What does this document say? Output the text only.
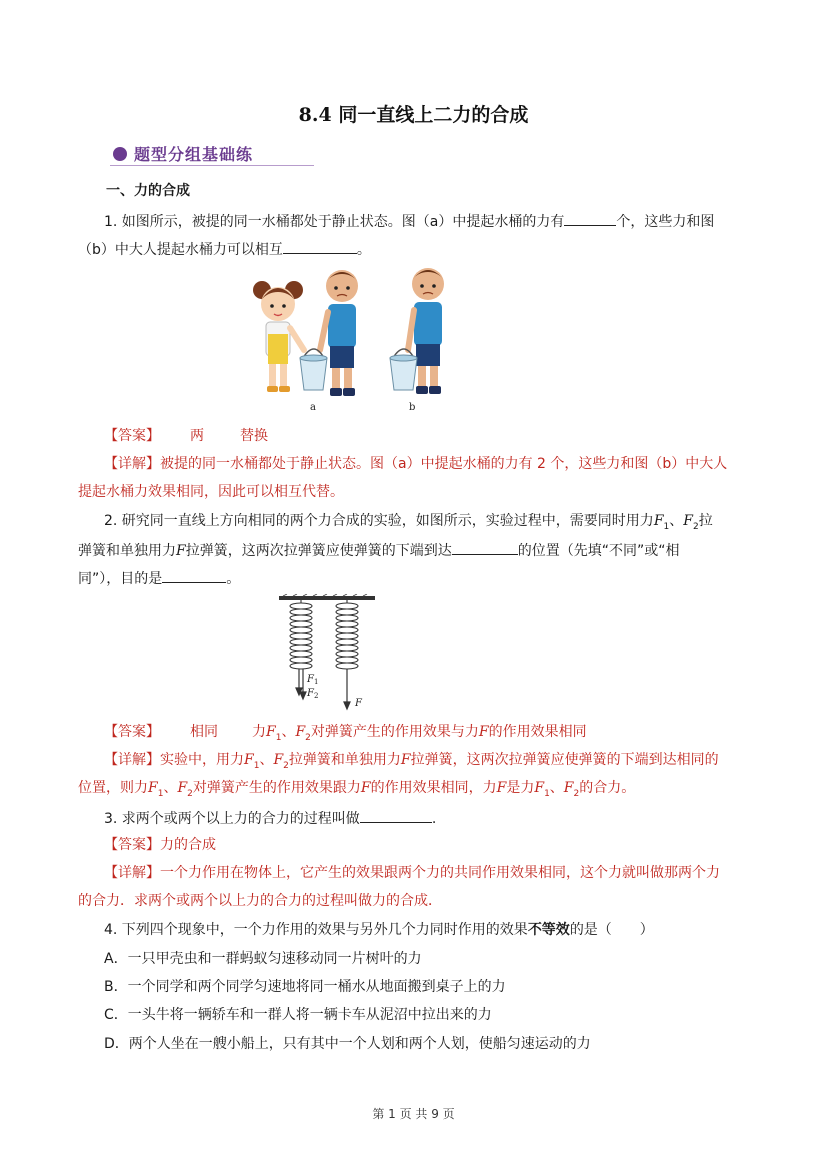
8.4 同一直线上二力的合成
题型分组基础练
一、力的合成
1. 如图所示，被提的同一水桶都处于静止状态。图（a）中提起水桶的力有	个，这些力和图
（b）中大人提起水桶力可以相互	。
a	b
【答案】 两	替换
【详解】被提的同一水桶都处于静止状态。图（a）中提起水桶的力有 2 个，这些力和图（b）中大人
提起水桶力效果相同，因此可以相互代替。
2. 研究同一直线上方向相同的两个力合成的实验，如图所示，实验过程中，需要同时用力$F_1$、$F_2$拉
弹簧和单独用力F拉弹簧，这两次拉弹簧应使弹簧的下端到达	的位置（先填“不同”或“相
同”），目的是	。
$F_1$
$F_2$
F
【答案】 相同 力$F_1$、$F_2$对弹簧产生的作用效果与力F的作用效果相同
【详解】实验中，用力$F_1$、$F_2$拉弹簧和单独用力F拉弹簧，这两次拉弹簧应使弹簧的下端到达相同的
位置，则力$F_1$、$F_2$对弹簧产生的作用效果跟力F的作用效果相同，力F是力$F_1$、$F_2$的合力。
3. 求两个或两个以上力的合力的过程叫做	.
【答案】力的合成
【详解】一个力作用在物体上，它产生的效果跟两个力的共同作用效果相同，这个力就叫做那两个力
的合力．求两个或两个以上力的合力的过程叫做力的合成．
4. 下列四个现象中，一个力作用的效果与另外几个力同时作用的效果不等效的是（　　）
A．一只甲壳虫和一群蚂蚁匀速移动同一片树叶的力
B．一个同学和两个同学匀速地将同一桶水从地面搬到桌子上的力
C．一头牛将一辆轿车和一群人将一辆卡车从泥沼中拉出来的力
D．两个人坐在一艘小船上，只有其中一个人划和两个人划，使船匀速运动的力
第 1 页 共 9 页
